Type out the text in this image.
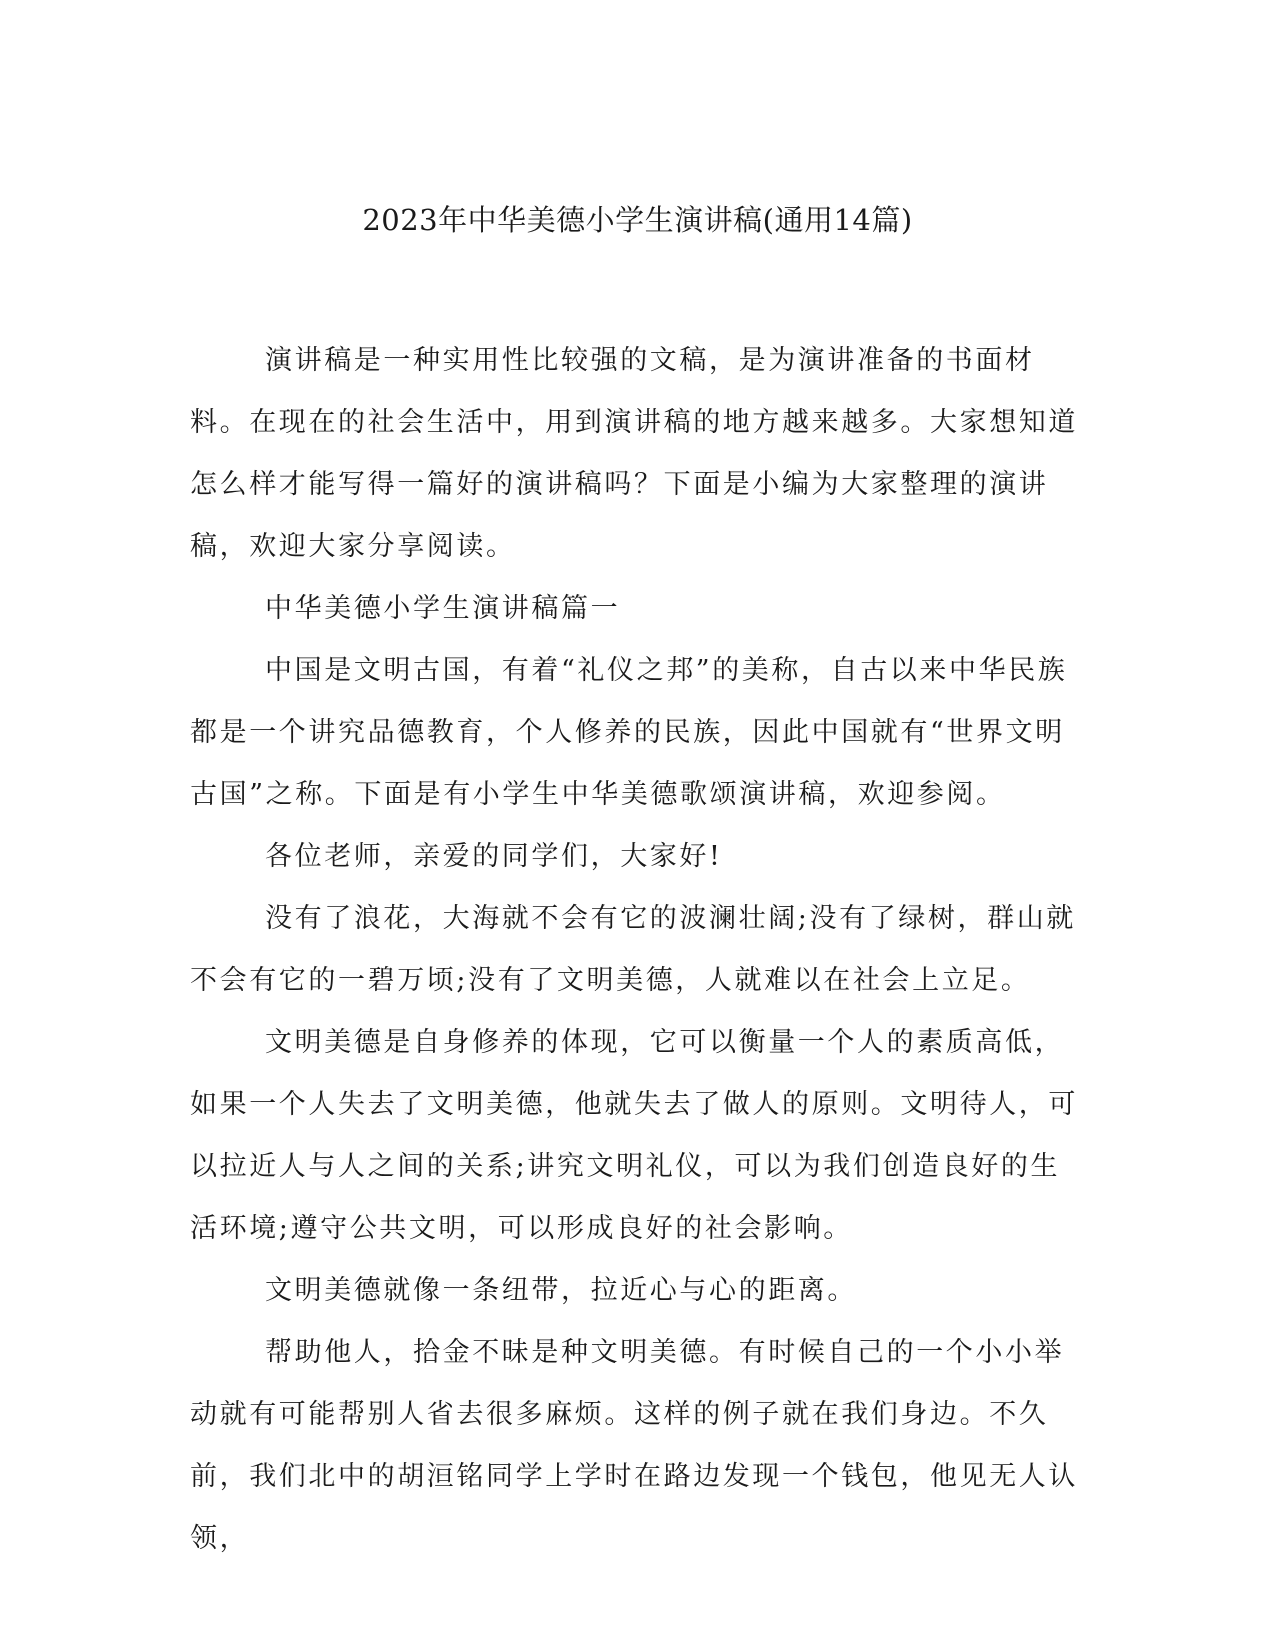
2023年中华美德小学生演讲稿(通用14篇)

演讲稿是一种实用性比较强的文稿，是为演讲准备的书面材料。在现在的社会生活中，用到演讲稿的地方越来越多。大家想知道怎么样才能写得一篇好的演讲稿吗？下面是小编为大家整理的演讲稿，欢迎大家分享阅读。

中华美德小学生演讲稿篇一

中国是文明古国，有着“礼仪之邦”的美称，自古以来中华民族都是一个讲究品德教育，个人修养的民族，因此中国就有“世界文明古国”之称。下面是有小学生中华美德歌颂演讲稿，欢迎参阅。

各位老师，亲爱的同学们，大家好!

没有了浪花，大海就不会有它的波澜壮阔;没有了绿树，群山就不会有它的一碧万顷;没有了文明美德，人就难以在社会上立足。

文明美德是自身修养的体现，它可以衡量一个人的素质高低，如果一个人失去了文明美德，他就失去了做人的原则。文明待人，可以拉近人与人之间的关系;讲究文明礼仪，可以为我们创造良好的生活环境;遵守公共文明，可以形成良好的社会影响。

文明美德就像一条纽带，拉近心与心的距离。

帮助他人，拾金不昧是种文明美德。有时候自己的一个小小举动就有可能帮别人省去很多麻烦。这样的例子就在我们身边。不久前，我们北中的胡洹铭同学上学时在路边发现一个钱包，他见无人认领，
